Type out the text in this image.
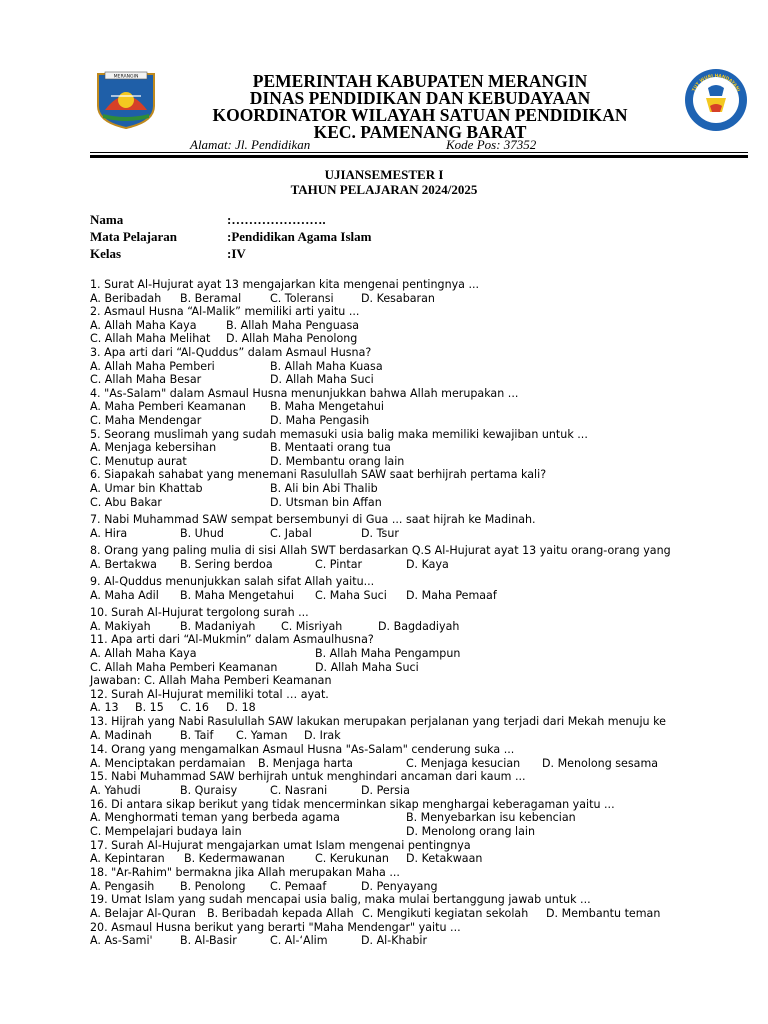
MERANGIN	PEMERINTAH KABUPATEN MERANGIN
DINAS PENDIDIKAN DAN KEBUDAYAAN
KOORDINATOR WILAYAH SATUAN PENDIDIKAN
KEC. PAMENANG BARAT
TUT WURI HANDAYANI
Alamat: Jl. Pendidikan	Kode Pos: 37352
UJIANSEMESTER I
TAHUN PELAJARAN 2024/2025
Nama	:………………….
Mata Pelajaran	:Pendidikan Agama Islam
Kelas	:IV
1. Surat Al-Hujurat ayat 13 mengajarkan kita mengenai pentingnya ...
A. Beribadah B. Beramal	C. Toleransi D. Kesabaran
2. Asmaul Husna “Al-Malik” memiliki arti yaitu ...
A. Allah Maha Kaya	B. Allah Maha Penguasa
C. Allah Maha Melihat D. Allah Maha Penolong
3. Apa arti dari “Al-Quddus” dalam Asmaul Husna?
A. Allah Maha Pemberi	B. Allah Maha Kuasa
C. Allah Maha Besar	D. Allah Maha Suci
4. "As-Salam" dalam Asmaul Husna menunjukkan bahwa Allah merupakan ...
A. Maha Pemberi Keamanan B. Maha Mengetahui
C. Maha Mendengar	D. Maha Pengasih
5. Seorang muslimah yang sudah memasuki usia balig maka memiliki kewajiban untuk ...
A. Menjaga kebersihan	B. Mentaati orang tua
C. Menutup aurat	D. Membantu orang lain
6. Siapakah sahabat yang menemani Rasulullah SAW saat berhijrah pertama kali?
A. Umar bin Khattab	B. Ali bin Abi Thalib
C. Abu Bakar	D. Utsman bin Affan
7. Nabi Muhammad SAW sempat bersembunyi di Gua ... saat hijrah ke Madinah.
A. Hira	B. Uhud	C. Jabal	D. Tsur
8. Orang yang paling mulia di sisi Allah SWT berdasarkan Q.S Al-Hujurat ayat 13 yaitu orang-orang yang
A. Bertakwa B. Sering berdoa	C. Pintar	D. Kaya
9. Al-Quddus menunjukkan salah sifat Allah yaitu...
A. Maha Adil B. Maha Mengetahui C. Maha Suci D. Maha Pemaaf
10. Surah Al-Hujurat tergolong surah ...
A. Makiyah	B. Madaniyah C. Misriyah	D. Bagdadiyah
11. Apa arti dari “Al-Mukmin” dalam Asmaulhusna?
A. Allah Maha Kaya	B. Allah Maha Pengampun
C. Allah Maha Pemberi Keamanan	D. Allah Maha Suci
Jawaban: C. Allah Maha Pemberi Keamanan
12. Surah Al-Hujurat memiliki total … ayat.
A. 13 B. 15 C. 16 D. 18
13. Hijrah yang Nabi Rasulullah SAW lakukan merupakan perjalanan yang terjadi dari Mekah menuju ke
A. Madinah	B. Taif C. Yaman D. Irak
14. Orang yang mengamalkan Asmaul Husna "As-Salam" cenderung suka ...
A. Menciptakan perdamaian B. Menjaga harta	C. Menjaga kesucian D. Menolong sesama
15. Nabi Muhammad SAW berhijrah untuk menghindari ancaman dari kaum ...
A. Yahudi	B. Quraisy	C. Nasrani	D. Persia
16. Di antara sikap berikut yang tidak mencerminkan sikap menghargai keberagaman yaitu ...
A. Menghormati teman yang berbeda agama	B. Menyebarkan isu kebencian
C. Mempelajari budaya lain	D. Menolong orang lain
17. Surah Al-Hujurat mengajarkan umat Islam mengenai pentingnya
A. Kepintaran B. Kedermawanan	C. Kerukunan D. Ketakwaan
18. "Ar-Rahim" bermakna jika Allah merupakan Maha ...
A. Pengasih B. Penolong C. Pemaaf	D. Penyayang
19. Umat Islam yang sudah mencapai usia balig, maka mulai bertanggung jawab untuk ...
A. Belajar Al-Quran B. Beribadah kepada Allah C. Mengikuti kegiatan sekolah D. Membantu teman
20. Asmaul Husna berikut yang berarti "Maha Mendengar" yaitu ...
A. As-Sami' B. Al-Basir	C. Al-‘Alim	D. Al-Khabir
